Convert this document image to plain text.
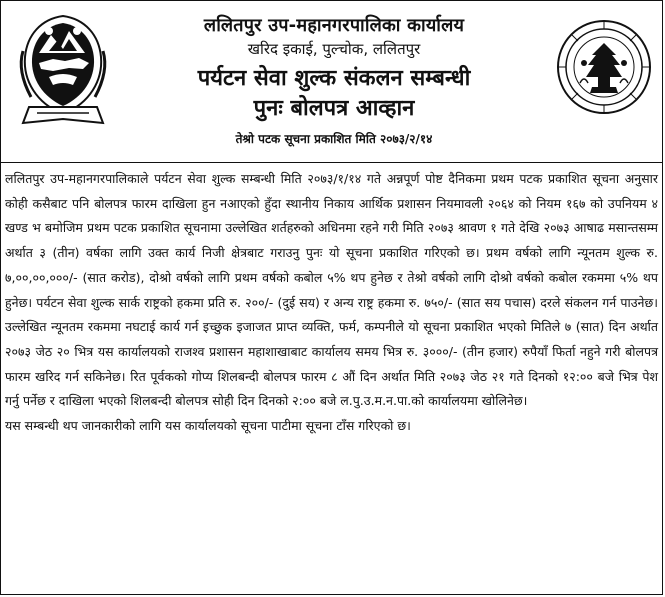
ललितपुर उप-महानगरपालिका कार्यालय
खरिद इकाई, पुल्चोक, ललितपुर
पर्यटन सेवा शुल्क संकलन सम्बन्धी
पुनः बोलपत्र आव्हान
तेश्रो पटक सूचना प्रकाशित मिति २०७३/२/१४

ललितपुर उप-महानगरपालिकाले पर्यटन सेवा शुल्क सम्बन्धी मिति २०७३/१/१४ गते अन्नपूर्ण पोष्ट दैनिकमा प्रथम पटक प्रकाशित सूचना अनुसार कोही कसैबाट पनि बोलपत्र फारम दाखिला हुन नआएको हुँदा स्थानीय निकाय आर्थिक प्रशासन नियमावली २०६४ को नियम १६७ को उपनियम ४ खण्ड भ बमोजिम प्रथम पटक प्रकाशित सूचनामा उल्लेखित शर्तहरुको अधिनमा रहने गरी मिति २०७३ श्रावण १ गते देखि २०७३ आषाढ मसान्तसम्म अर्थात ३ (तीन) वर्षका लागि उक्त कार्य निजी क्षेत्रबाट गराउनु पुनः यो सूचना प्रकाशित गरिएको छ। प्रथम वर्षको लागि न्यूनतम शुल्क रु. ७,००,००,०००/- (सात करोड), दोश्रो वर्षको लागि प्रथम वर्षको कबोल ५% थप हुनेछ र तेश्रो वर्षको लागि दोश्रो वर्षको कबोल रकममा ५% थप हुनेछ। पर्यटन सेवा शुल्क सार्क राष्ट्रको हकमा प्रति रु. २००/- (दुई सय) र अन्य राष्ट्र हकमा रु. ७५०/- (सात सय पचास) दरले संकलन गर्न पाउनेछ। उल्लेखित न्यूनतम रकममा नघटाई कार्य गर्न इच्छुक इजाजत प्राप्त व्यक्ति, फर्म, कम्पनीले यो सूचना प्रकाशित भएको मितिले ७ (सात) दिन अर्थात २०७३ जेठ २० भित्र यस कार्यालयको राजश्व प्रशासन महाशाखाबाट कार्यालय समय भित्र रु. ३०००/- (तीन हजार) रुपैयाँ फिर्ता नहुने गरी बोलपत्र फारम खरिद गर्न सकिनेछ। रित पूर्वकको गोप्य शिलबन्दी बोलपत्र फारम ८ औं दिन अर्थात मिति २०७३ जेठ २१ गते दिनको १२:०० बजे भित्र पेश गर्नु पर्नेछ र दाखिला भएको शिलबन्दी बोलपत्र सोही दिन दिनको २:०० बजे ल.पु.उ.म.न.पा.को कार्यालयमा खोलिनेछ।

यस सम्बन्धी थप जानकारीको लागि यस कार्यालयको सूचना पाटीमा सूचना टाँस गरिएको छ।
